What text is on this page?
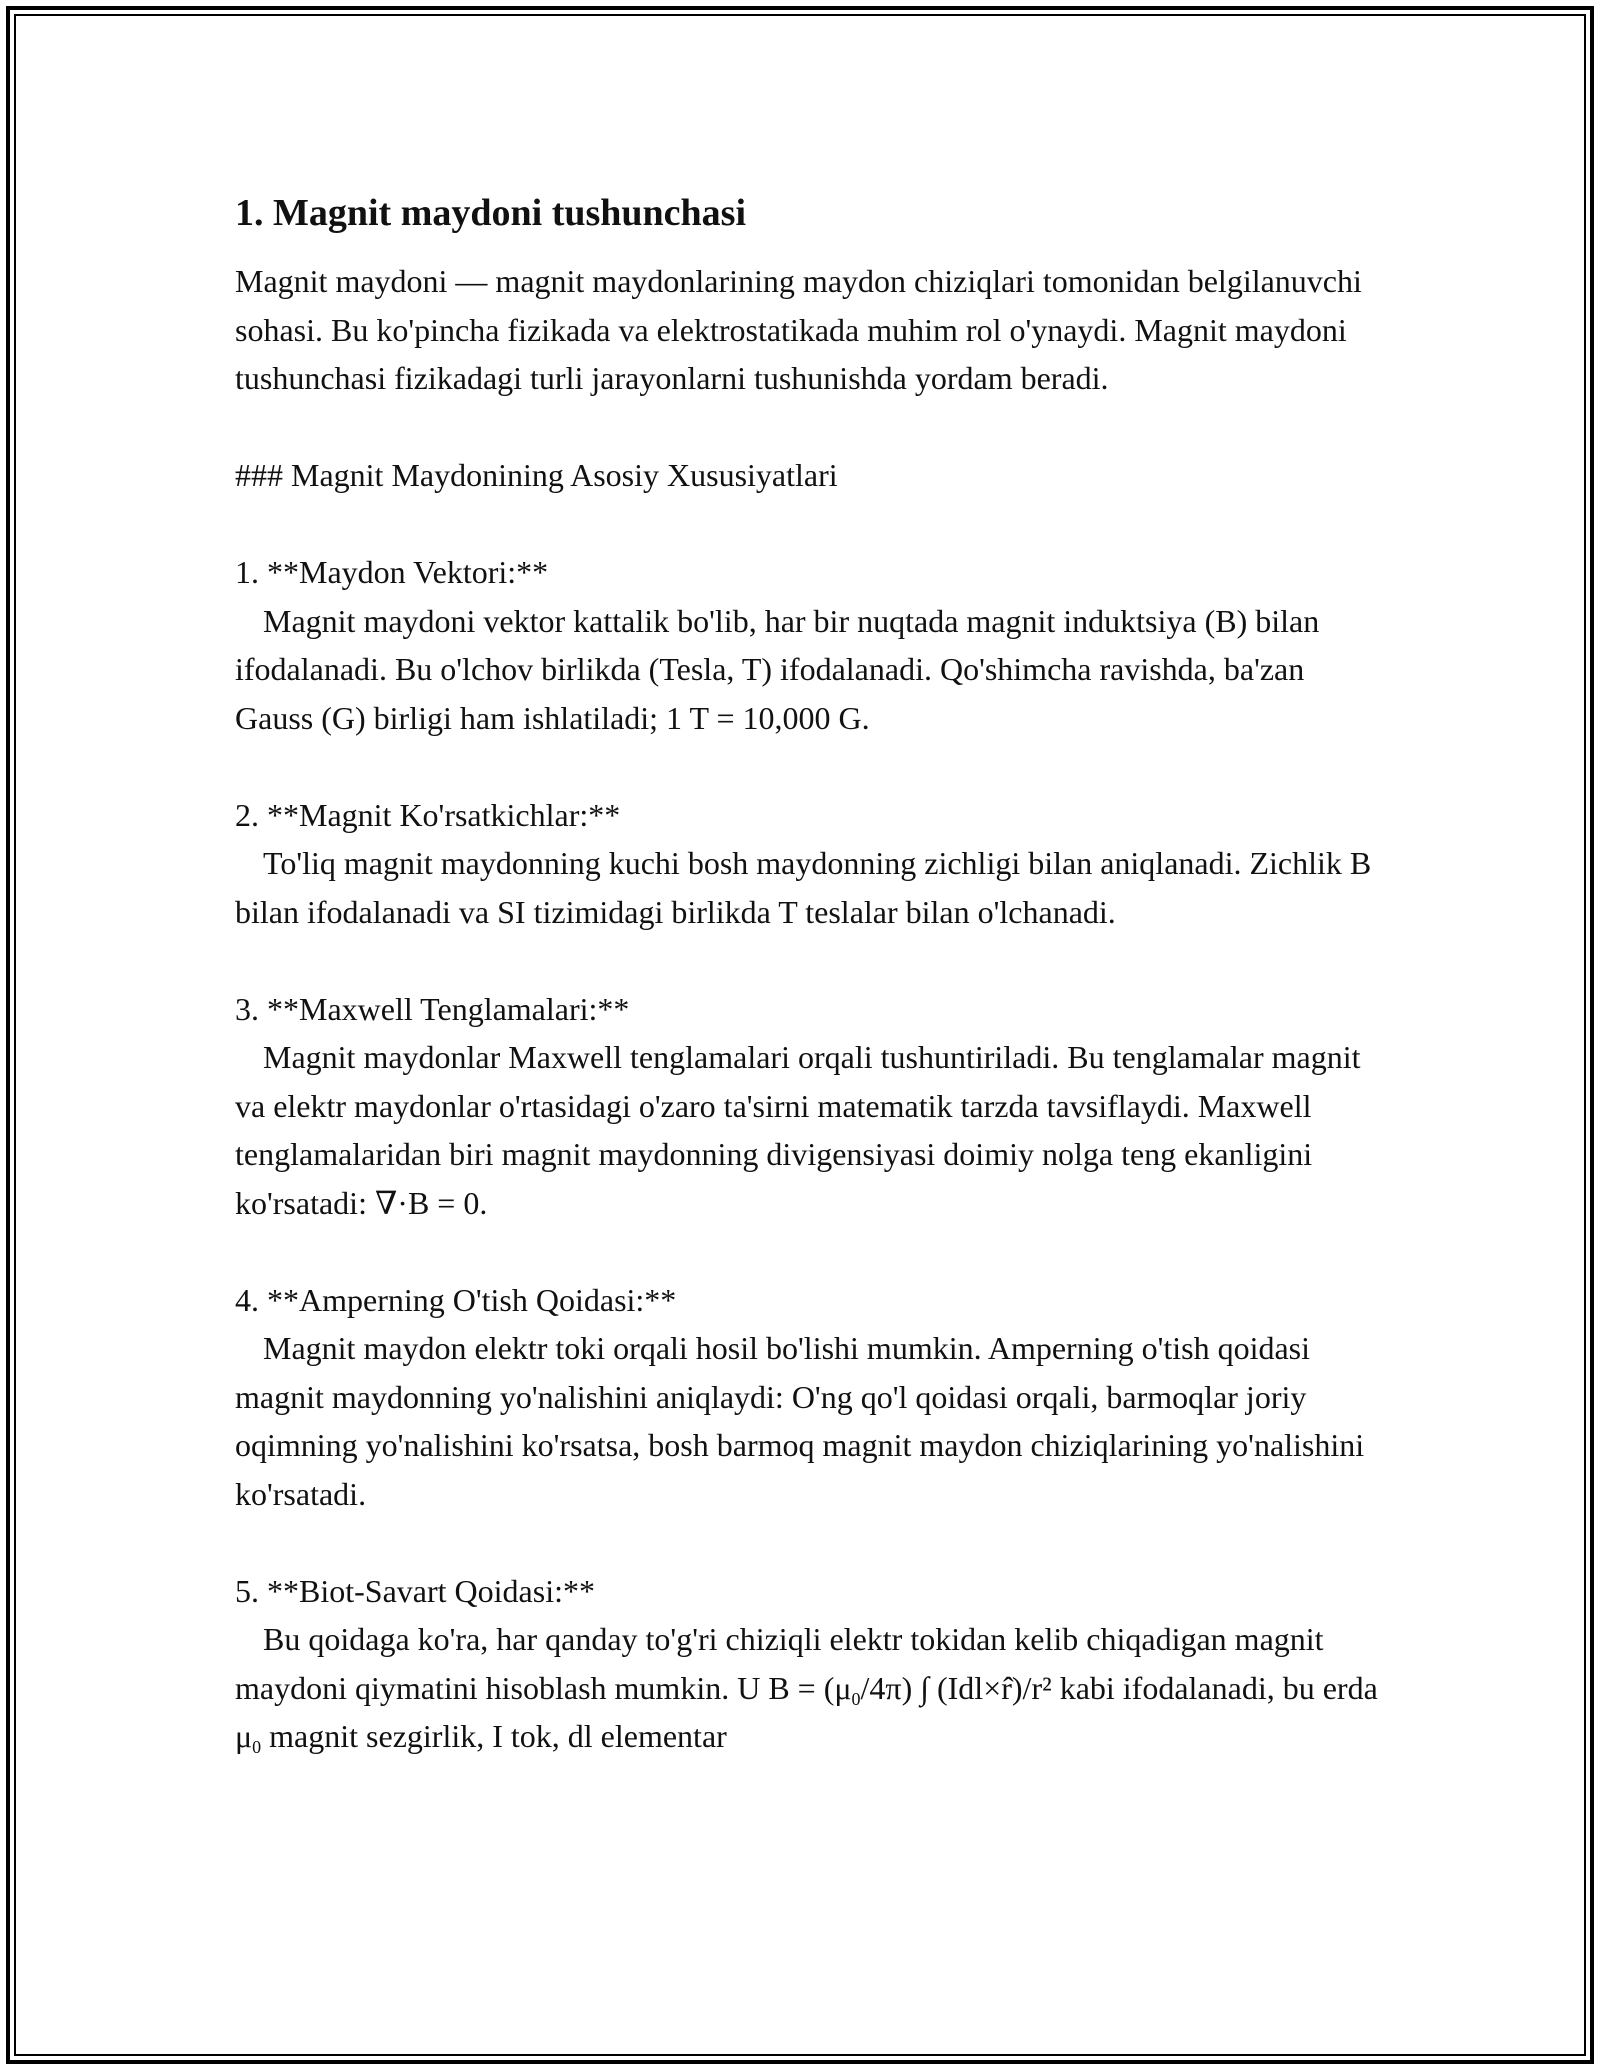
1. Magnit maydoni tushunchasi

Magnit maydoni — magnit maydonlarining maydon chiziqlari tomonidan belgilanuvchi sohasi. Bu ko'pincha fizikada va elektrostatikada muhim rol o'ynaydi. Magnit maydoni tushunchasi fizikadagi turli jarayonlarni tushunishda yordam beradi.

### Magnit Maydonining Asosiy Xususiyatlari

1. **Maydon Vektori:**

Magnit maydoni vektor kattalik bo'lib, har bir nuqtada magnit induktsiya (B) bilan ifodalanadi. Bu o'lchov birlikda (Tesla, T) ifodalanadi. Qo'shimcha ravishda, ba'zan Gauss (G) birligi ham ishlatiladi; 1 T = 10,000 G.

2. **Magnit Ko'rsatkichlar:**

To'liq magnit maydonning kuchi bosh maydonning zichligi bilan aniqlanadi. Zichlik B bilan ifodalanadi va SI tizimidagi birlikda T teslalar bilan o'lchanadi.

3. **Maxwell Tenglamalari:**

Magnit maydonlar Maxwell tenglamalari orqali tushuntiriladi. Bu tenglamalar magnit va elektr maydonlar o'rtasidagi o'zaro ta'sirni matematik tarzda tavsiflaydi. Maxwell tenglamalaridan biri magnit maydonning divigensiyasi doimiy nolga teng ekanligini ko'rsatadi: ∇·B = 0.

4. **Amperning O'tish Qoidasi:**

Magnit maydon elektr toki orqali hosil bo'lishi mumkin. Amperning o'tish qoidasi magnit maydonning yo'nalishini aniqlaydi: O'ng qo'l qoidasi orqali, barmoqlar joriy oqimning yo'nalishini ko'rsatsa, bosh barmoq magnit maydon chiziqlarining yo'nalishini ko'rsatadi.

5. **Biot-Savart Qoidasi:**

Bu qoidaga ko'ra, har qanday to'g'ri chiziqli elektr tokidan kelib chiqadigan magnit maydoni qiymatini hisoblash mumkin. U $B = (\mu_0/4\pi)$ ∫ (Idl×r̂)/r² kabi ifodalanadi, bu erda $\mu_0$ magnit sezgirlik, I tok, dl elementar
